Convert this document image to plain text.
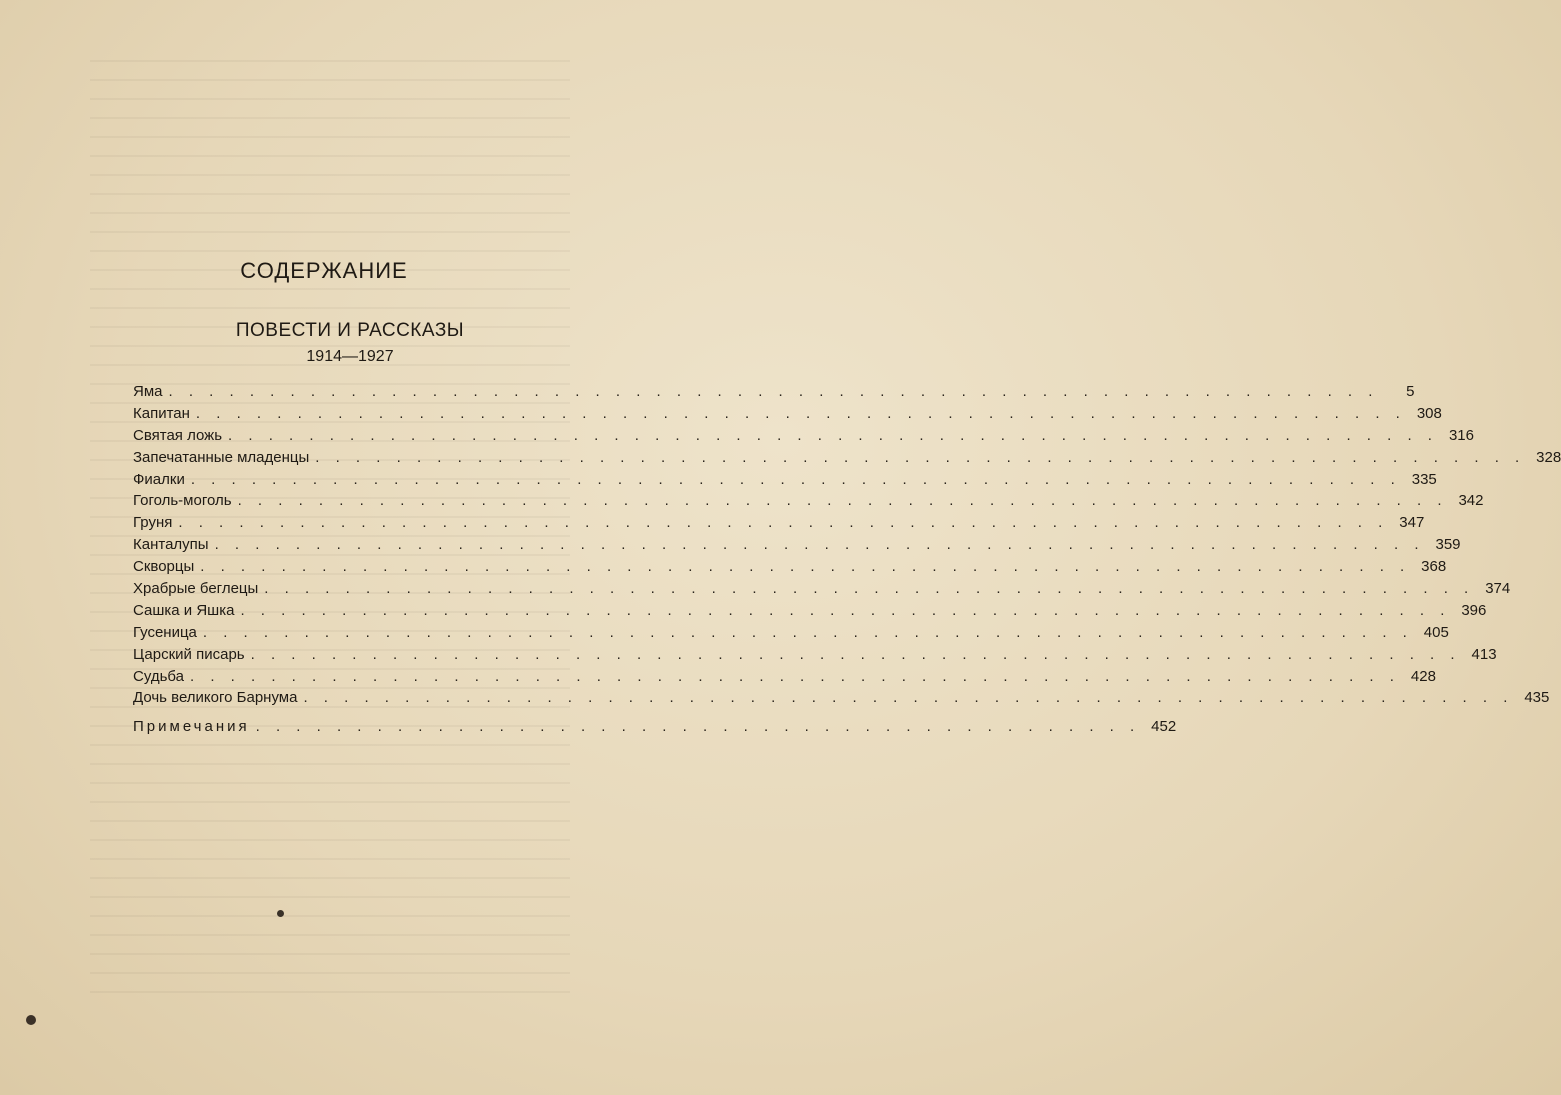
СОДЕРЖАНИЕ
ПОВЕСТИ И РАССКАЗЫ
1914—1927
Яма . . . . . . . . . . . . . . . . . . . . . . . . . . . . . . . . . . . . . . . . . . . . . . . . . . . . . . . . . . . .	5
Капитан . . . . . . . . . . . . . . . . . . . . . . . . . . . . . . . . . . . . . . . . . . . . . . . . . . . . . . . . . . . . 308
Святая ложь . . . . . . . . . . . . . . . . . . . . . . . . . . . . . . . . . . . . . . . . . . . . . . . . . . . . . . . . . . . . 316
Запечатанные младенцы . . . . . . . . . . . . . . . . . . . . . . . . . . . . . . . . . . . . . . . . . . . . . . . . . . . . . . . . . . . . 328
Фиалки . . . . . . . . . . . . . . . . . . . . . . . . . . . . . . . . . . . . . . . . . . . . . . . . . . . . . . . . . . . . 335
Гоголь-моголь . . . . . . . . . . . . . . . . . . . . . . . . . . . . . . . . . . . . . . . . . . . . . . . . . . . . . . . . . . . . 342
Груня . . . . . . . . . . . . . . . . . . . . . . . . . . . . . . . . . . . . . . . . . . . . . . . . . . . . . . . . . . . . 347
Канталупы . . . . . . . . . . . . . . . . . . . . . . . . . . . . . . . . . . . . . . . . . . . . . . . . . . . . . . . . . . . . 359
Скворцы . . . . . . . . . . . . . . . . . . . . . . . . . . . . . . . . . . . . . . . . . . . . . . . . . . . . . . . . . . . . 368
Храбрые беглецы . . . . . . . . . . . . . . . . . . . . . . . . . . . . . . . . . . . . . . . . . . . . . . . . . . . . . . . . . . . . 374
Сашка и Яшка . . . . . . . . . . . . . . . . . . . . . . . . . . . . . . . . . . . . . . . . . . . . . . . . . . . . . . . . . . . . 396
Гусеница . . . . . . . . . . . . . . . . . . . . . . . . . . . . . . . . . . . . . . . . . . . . . . . . . . . . . . . . . . . . 405
Царский писарь . . . . . . . . . . . . . . . . . . . . . . . . . . . . . . . . . . . . . . . . . . . . . . . . . . . . . . . . . . . . 413
Судьба . . . . . . . . . . . . . . . . . . . . . . . . . . . . . . . . . . . . . . . . . . . . . . . . . . . . . . . . . . . . 428
Дочь великого Барнума . . . . . . . . . . . . . . . . . . . . . . . . . . . . . . . . . . . . . . . . . . . . . . . . . . . . . . . . . . . . 435
Примечания . . . . . . . . . . . . . . . . . . . . . . . . . . . . . . . . . . . . . . . . . . . . 452
